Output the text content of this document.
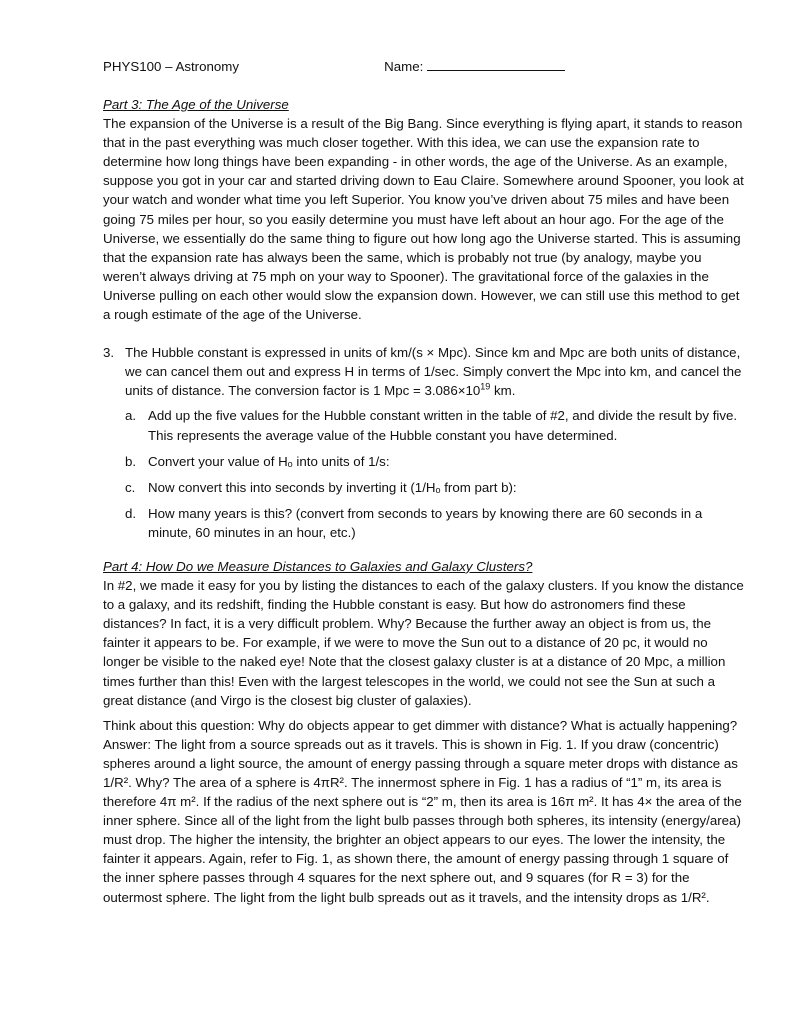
PHYS100 – Astronomy	Name:
Part 3: The Age of the Universe

The expansion of the Universe is a result of the Big Bang. Since everything is flying apart, it stands to reason that in the past everything was much closer together. With this idea, we can use the expansion rate to determine how long things have been expanding - in other words, the age of the Universe. As an example, suppose you got in your car and started driving down to Eau Claire. Somewhere around Spooner, you look at your watch and wonder what time you left Superior. You know you’ve driven about 75 miles and have been going 75 miles per hour, so you easily determine you must have left about an hour ago. For the age of the Universe, we essentially do the same thing to figure out how long ago the Universe started. This is assuming that the expansion rate has always been the same, which is probably not true (by analogy, maybe you weren’t always driving at 75 mph on your way to Spooner). The gravitational force of the galaxies in the Universe pulling on each other would slow the expansion down. However, we can still use this method to get a rough estimate of the age of the Universe.

3. The Hubble constant is expressed in units of km/(s × Mpc). Since km and Mpc are both units of distance, we can cancel them out and express H in terms of 1/sec. Simply convert the Mpc into km, and cancel the units of distance. The conversion factor is 1 Mpc = $3.086\times 10^{19}$ km.
a. Add up the five values for the Hubble constant written in the table of #2, and divide the result by five. This represents the average value of the Hubble constant you have determined.
b. Convert your value of Hₒ into units of 1/s:
c. Now convert this into seconds by inverting it (1/Hₒ from part b):
d. How many years is this? (convert from seconds to years by knowing there are 60 seconds in a minute, 60 minutes in an hour, etc.)
Part 4: How Do we Measure Distances to Galaxies and Galaxy Clusters?

In #2, we made it easy for you by listing the distances to each of the galaxy clusters. If you know the distance to a galaxy, and its redshift, finding the Hubble constant is easy. But how do astronomers find these distances? In fact, it is a very difficult problem. Why? Because the further away an object is from us, the fainter it appears to be. For example, if we were to move the Sun out to a distance of 20 pc, it would no longer be visible to the naked eye! Note that the closest galaxy cluster is at a distance of 20 Mpc, a million times further than this! Even with the largest telescopes in the world, we could not see the Sun at such a great distance (and Virgo is the closest big cluster of galaxies).

Think about this question: Why do objects appear to get dimmer with distance? What is actually happening? Answer: The light from a source spreads out as it travels. This is shown in Fig. 1. If you draw (concentric) spheres around a light source, the amount of energy passing through a square meter drops with distance as 1/R². Why? The area of a sphere is 4πR². The innermost sphere in Fig. 1 has a radius of “1” m, its area is therefore 4π m². If the radius of the next sphere out is “2” m, then its area is 16π m². It has 4× the area of the inner sphere. Since all of the light from the light bulb passes through both spheres, its intensity (energy/area) must drop. The higher the intensity, the brighter an object appears to our eyes. The lower the intensity, the fainter it appears. Again, refer to Fig. 1, as shown there, the amount of energy passing through 1 square of the inner sphere passes through 4 squares for the next sphere out, and 9 squares (for R = 3) for the outermost sphere. The light from the light bulb spreads out as it travels, and the intensity drops as 1/R².
